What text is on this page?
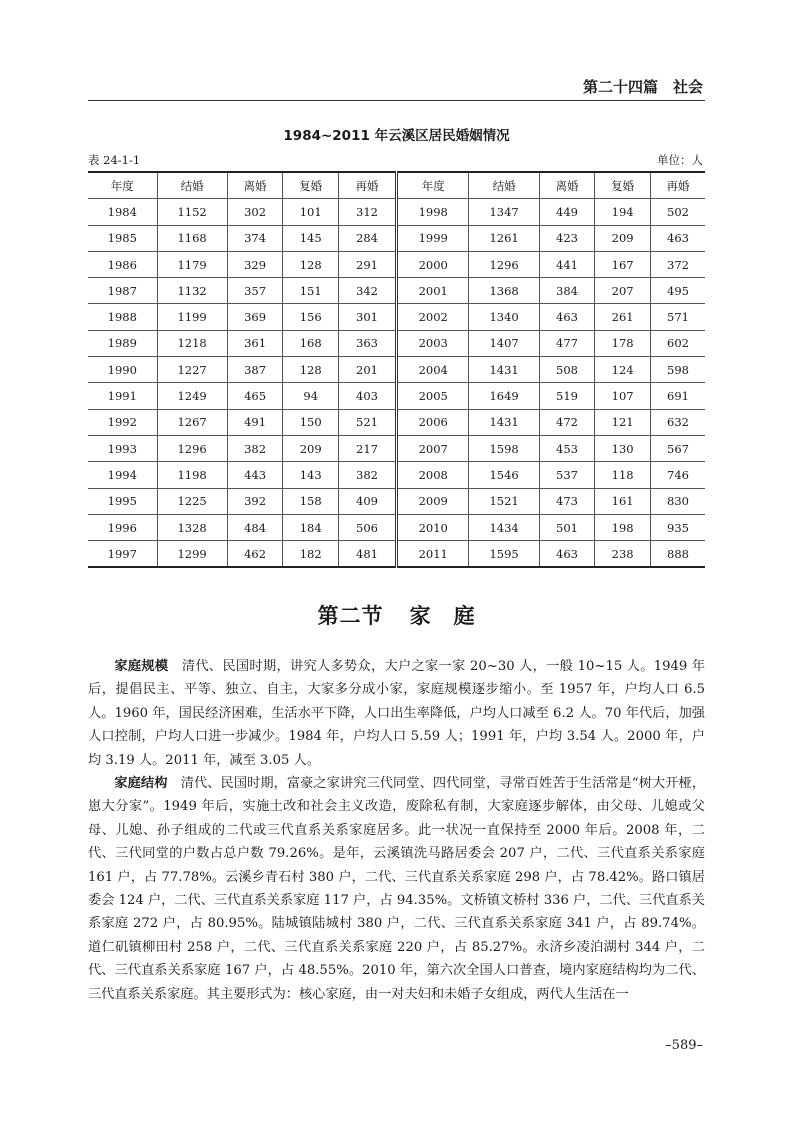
第二十四篇　社会
1984~2011 年云溪区居民婚姻情况
表 24-1-1	单位：人
年度	结婚	离婚	复婚	再婚	年度	结婚	离婚	复婚	再婚
1984	1152	302	101	312	1998	1347	449	194	502
1985	1168	374	145	284	1999	1261	423	209	463
1986	1179	329	128	291	2000	1296	441	167	372
1987	1132	357	151	342	2001	1368	384	207	495
1988	1199	369	156	301	2002	1340	463	261	571
1989	1218	361	168	363	2003	1407	477	178	602
1990	1227	387	128	201	2004	1431	508	124	598
1991	1249	465	94	403	2005	1649	519	107	691
1992	1267	491	150	521	2006	1431	472	121	632
1993	1296	382	209	217	2007	1598	453	130	567
1994	1198	443	143	382	2008	1546	537	118	746
1995	1225	392	158	409	2009	1521	473	161	830
1996	1328	484	184	506	2010	1434	501	198	935
1997	1299	462	182	481	2011	1595	463	238	888
第二节 家　庭

家庭规模　 清代、民国时期，讲究人多势众，大户之家一家 20~30 人，一般 10~15 人。1949 年后，提倡民主、平等、独立、自主，大家多分成小家，家庭规模逐步缩小。至 1957 年，户均人口 6.5 人。1960 年，国民经济困难，生活水平下降，人口出生率降低，户均人口减至 6.2 人。70 年代后，加强人口控制，户均人口进一步减少。1984 年，户均人口 5.59 人；1991 年，户均 3.54 人。2000 年，户均 3.19 人。2011 年，减至 3.05 人。

家庭结构　 清代、民国时期，富豪之家讲究三代同堂、四代同堂，寻常百姓苦于生活常是“树大开桠，崽大分家”。1949 年后，实施土改和社会主义改造，废除私有制，大家庭逐步解体，由父母、儿媳或父母、儿媳、孙子组成的二代或三代直系关系家庭居多。此一状况一直保持至 2000 年后。2008 年，二代、三代同堂的户数占总户数 79.26%。是年，云溪镇洗马路居委会 207 户，二代、三代直系关系家庭 161 户，占 77.78%。云溪乡青石村 380 户，二代、三代直系关系家庭 298 户，占 78.42%。路口镇居委会 124 户，二代、三代直系关系家庭 117 户，占 94.35%。文桥镇文桥村 336 户，二代、三代直系关系家庭 272 户，占 80.95%。陆城镇陆城村 380 户，二代、三代直系关系家庭 341 户，占 89.74%。道仁矶镇柳田村 258 户，二代、三代直系关系家庭 220 户，占 85.27%。永济乡凌泊湖村 344 户，二代、三代直系关系家庭 167 户，占 48.55%。2010 年，第六次全国人口普查，境内家庭结构均为二代、三代直系关系家庭。其主要形式为：核心家庭，由一对夫妇和未婚子女组成，两代人生活在一

–589–
